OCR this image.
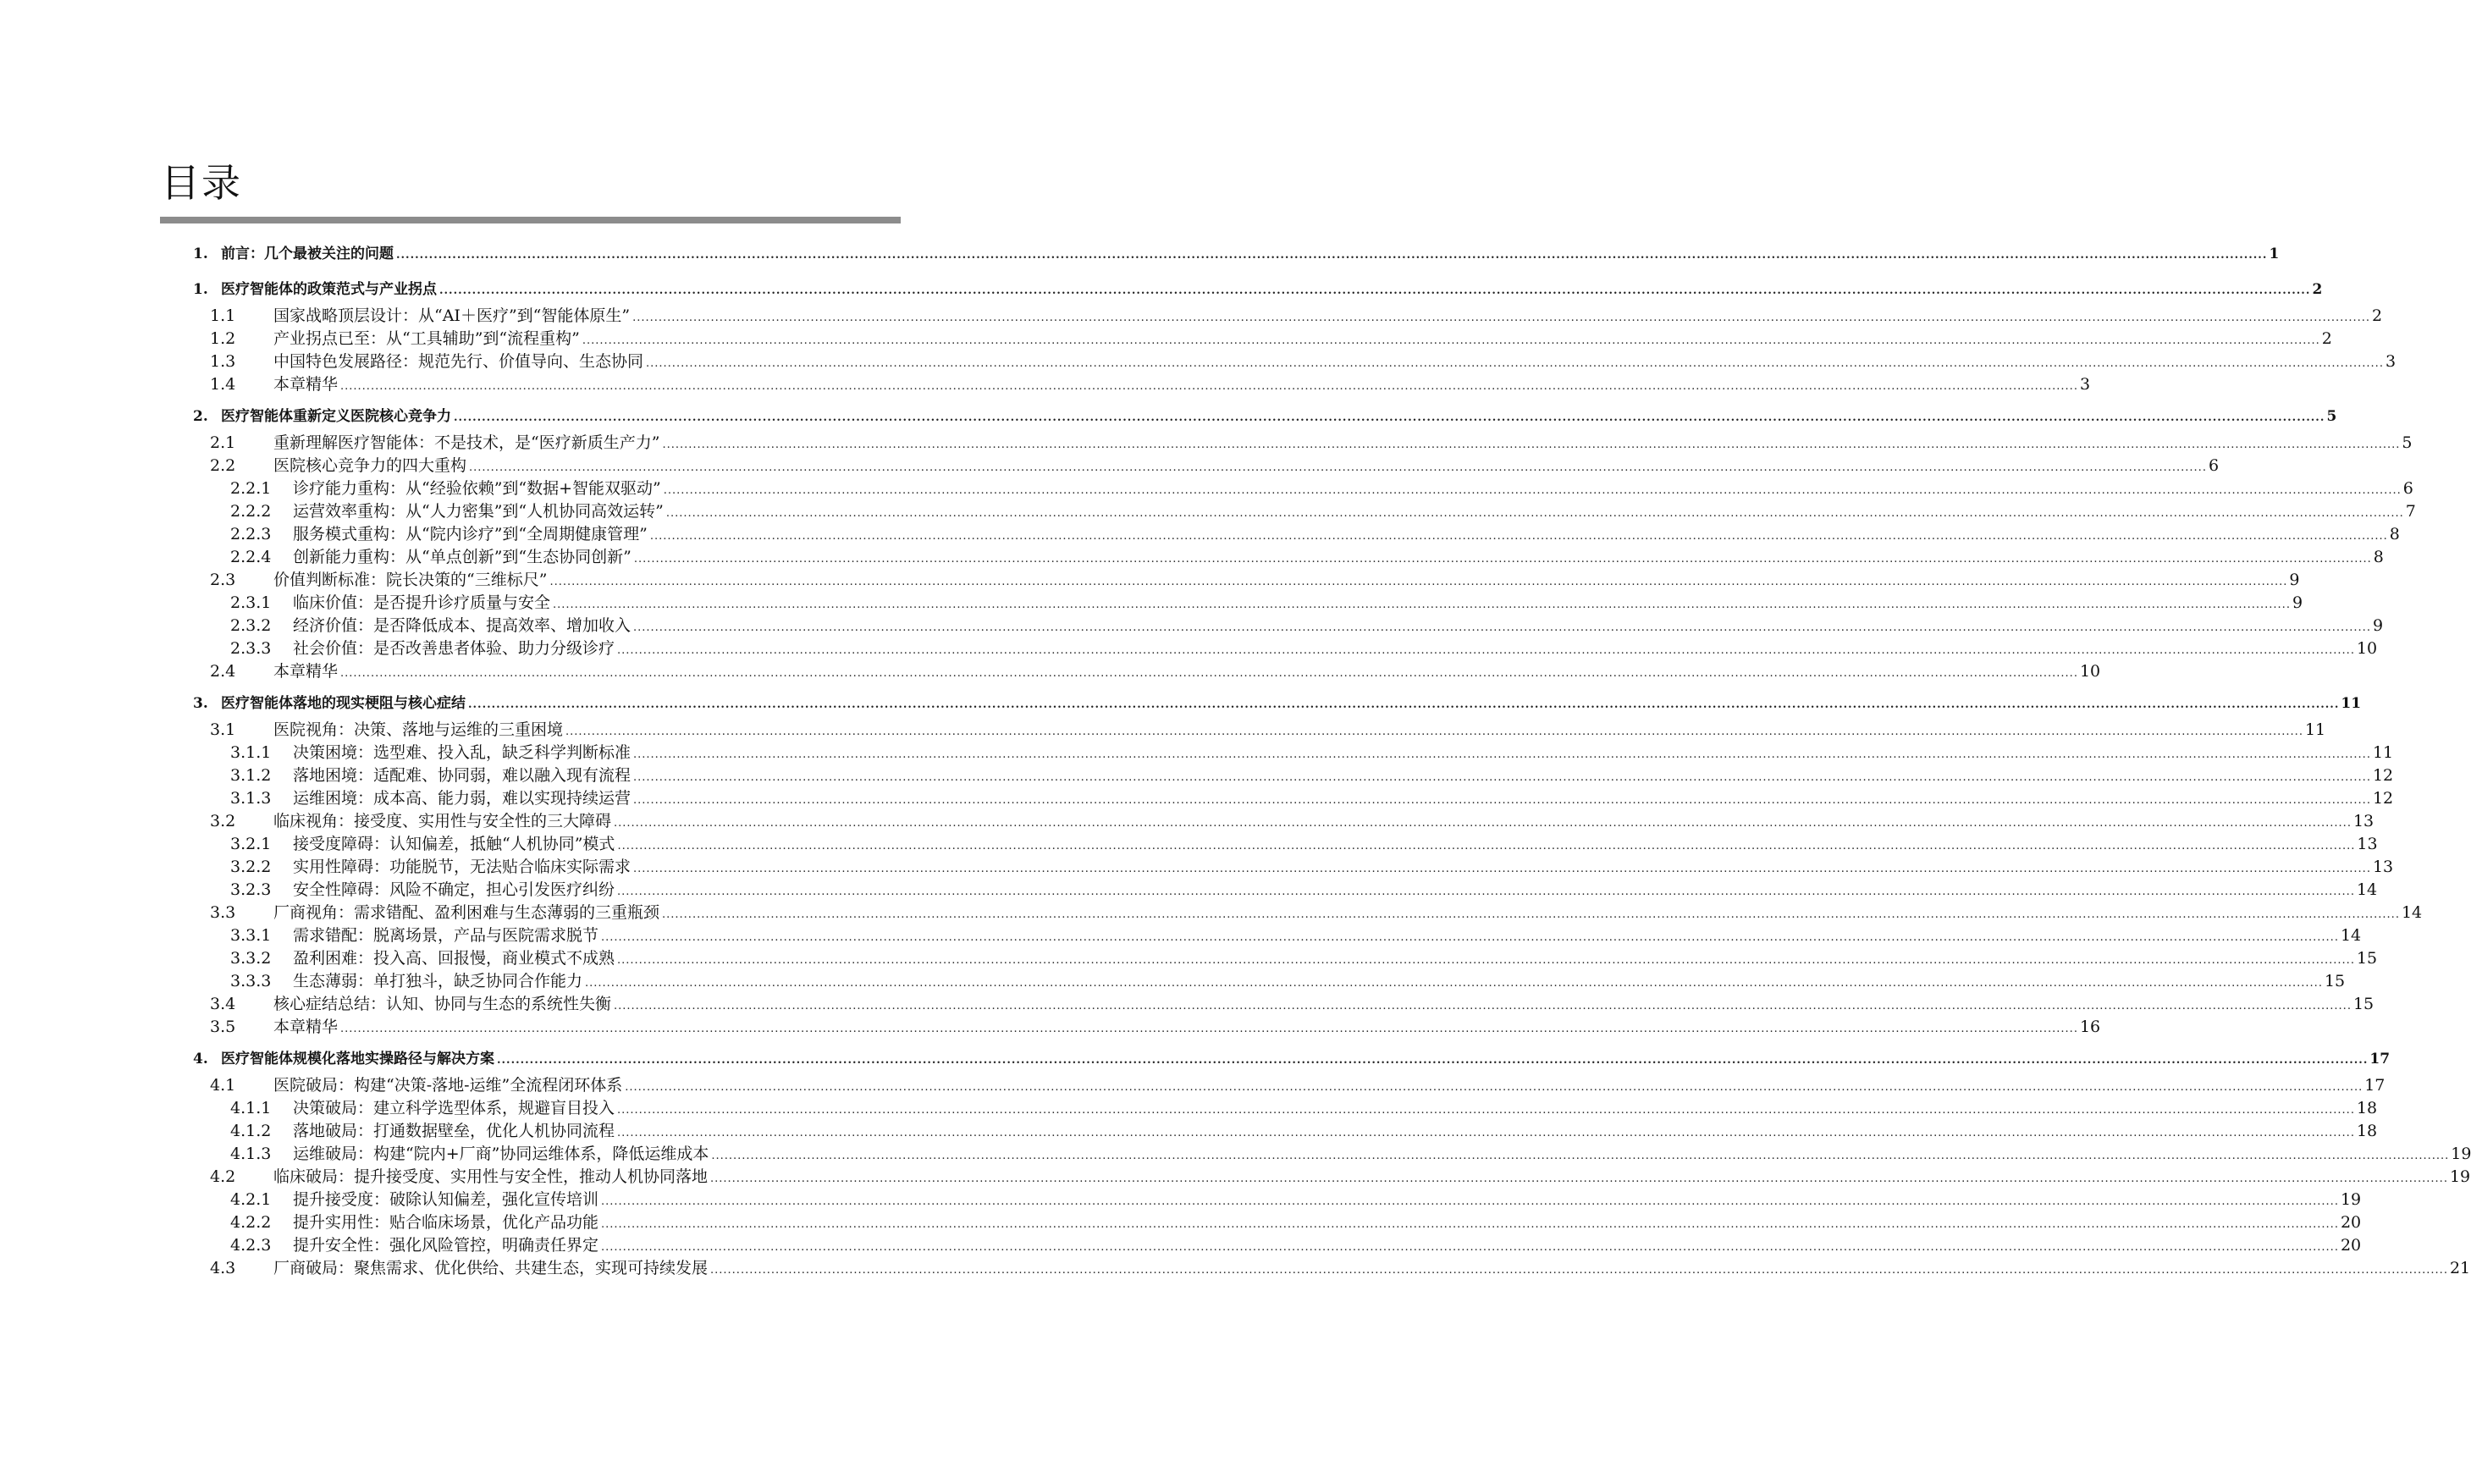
目录
1. 前言：几个最被关注的问题 ................................................................................................................................................................................................................................................................................................................................................................................................................ 1
1. 医疗智能体的政策范式与产业拐点 ................................................................................................................................................................................................................................................................................................................................................................................................................ 2
1.1	国家战略顶层设计：从“AI＋医疗”到“智能体原生” ................................................................................................................................................................................................................................................................................................................................................................................................................ 2
1.2	产业拐点已至：从“工具辅助”到“流程重构” ................................................................................................................................................................................................................................................................................................................................................................................................................ 2
1.3	中国特色发展路径：规范先行、价值导向、生态协同 ................................................................................................................................................................................................................................................................................................................................................................................................................ 3
1.4	本章精华 ................................................................................................................................................................................................................................................................................................................................................................................................................ 3
2. 医疗智能体重新定义医院核心竞争力 ................................................................................................................................................................................................................................................................................................................................................................................................................ 5
2.1	重新理解医疗智能体：不是技术，是“医疗新质生产力” ................................................................................................................................................................................................................................................................................................................................................................................................................ 5
2.2	医院核心竞争力的四大重构 ................................................................................................................................................................................................................................................................................................................................................................................................................ 6
2.2.1	诊疗能力重构：从“经验依赖”到“数据+智能双驱动” ................................................................................................................................................................................................................................................................................................................................................................................................................ 6
2.2.2	运营效率重构：从“人力密集”到“人机协同高效运转” ................................................................................................................................................................................................................................................................................................................................................................................................................ 7
2.2.3	服务模式重构：从“院内诊疗”到“全周期健康管理” ................................................................................................................................................................................................................................................................................................................................................................................................................ 8
2.2.4	创新能力重构：从“单点创新”到“生态协同创新” ................................................................................................................................................................................................................................................................................................................................................................................................................ 8
2.3	价值判断标准：院长决策的“三维标尺” ................................................................................................................................................................................................................................................................................................................................................................................................................ 9
2.3.1	临床价值：是否提升诊疗质量与安全 ................................................................................................................................................................................................................................................................................................................................................................................................................ 9
2.3.2	经济价值：是否降低成本、提高效率、增加收入 ................................................................................................................................................................................................................................................................................................................................................................................................................ 9
2.3.3	社会价值：是否改善患者体验、助力分级诊疗 ................................................................................................................................................................................................................................................................................................................................................................................................................ 10
2.4	本章精华 ................................................................................................................................................................................................................................................................................................................................................................................................................ 10
3. 医疗智能体落地的现实梗阻与核心症结 ................................................................................................................................................................................................................................................................................................................................................................................................................ 11
3.1	医院视角：决策、落地与运维的三重困境 ................................................................................................................................................................................................................................................................................................................................................................................................................ 11
3.1.1	决策困境：选型难、投入乱，缺乏科学判断标准 ................................................................................................................................................................................................................................................................................................................................................................................................................ 11
3.1.2	落地困境：适配难、协同弱，难以融入现有流程 ................................................................................................................................................................................................................................................................................................................................................................................................................ 12
3.1.3	运维困境：成本高、能力弱，难以实现持续运营 ................................................................................................................................................................................................................................................................................................................................................................................................................ 12
3.2	临床视角：接受度、实用性与安全性的三大障碍 ................................................................................................................................................................................................................................................................................................................................................................................................................ 13
3.2.1	接受度障碍：认知偏差，抵触“人机协同”模式 ................................................................................................................................................................................................................................................................................................................................................................................................................ 13
3.2.2	实用性障碍：功能脱节，无法贴合临床实际需求 ................................................................................................................................................................................................................................................................................................................................................................................................................ 13
3.2.3	安全性障碍：风险不确定，担心引发医疗纠纷 ................................................................................................................................................................................................................................................................................................................................................................................................................ 14
3.3	厂商视角：需求错配、盈利困难与生态薄弱的三重瓶颈 ................................................................................................................................................................................................................................................................................................................................................................................................................ 14
3.3.1	需求错配：脱离场景，产品与医院需求脱节 ................................................................................................................................................................................................................................................................................................................................................................................................................ 14
3.3.2	盈利困难：投入高、回报慢，商业模式不成熟 ................................................................................................................................................................................................................................................................................................................................................................................................................ 15
3.3.3	生态薄弱：单打独斗，缺乏协同合作能力 ................................................................................................................................................................................................................................................................................................................................................................................................................ 15
3.4	核心症结总结：认知、协同与生态的系统性失衡 ................................................................................................................................................................................................................................................................................................................................................................................................................ 15
3.5	本章精华 ................................................................................................................................................................................................................................................................................................................................................................................................................ 16
4. 医疗智能体规模化落地实操路径与解决方案 ................................................................................................................................................................................................................................................................................................................................................................................................................ 17
4.1	医院破局：构建“决策-落地-运维”全流程闭环体系 ................................................................................................................................................................................................................................................................................................................................................................................................................ 17
4.1.1	决策破局：建立科学选型体系，规避盲目投入 ................................................................................................................................................................................................................................................................................................................................................................................................................ 18
4.1.2	落地破局：打通数据壁垒，优化人机协同流程 ................................................................................................................................................................................................................................................................................................................................................................................................................ 18
4.1.3	运维破局：构建“院内+厂商”协同运维体系，降低运维成本 ................................................................................................................................................................................................................................................................................................................................................................................................................ 19
4.2	临床破局：提升接受度、实用性与安全性，推动人机协同落地 ................................................................................................................................................................................................................................................................................................................................................................................................................ 19
4.2.1	提升接受度：破除认知偏差，强化宣传培训 ................................................................................................................................................................................................................................................................................................................................................................................................................ 19
4.2.2	提升实用性：贴合临床场景，优化产品功能 ................................................................................................................................................................................................................................................................................................................................................................................................................ 20
4.2.3	提升安全性：强化风险管控，明确责任界定 ................................................................................................................................................................................................................................................................................................................................................................................................................ 20
4.3	厂商破局：聚焦需求、优化供给、共建生态，实现可持续发展 ................................................................................................................................................................................................................................................................................................................................................................................................................ 21
